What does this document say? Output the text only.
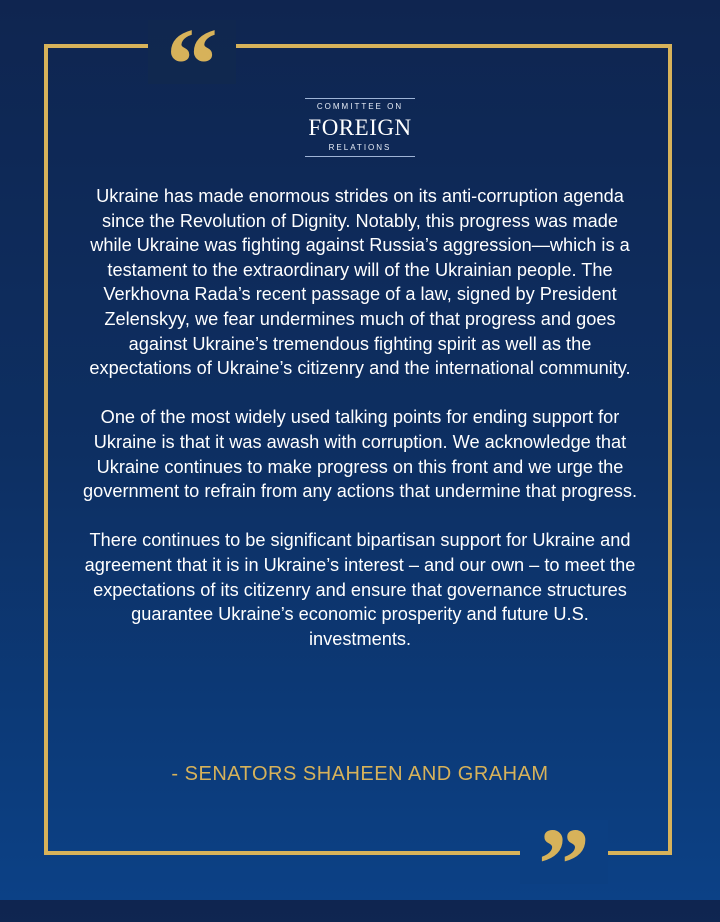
“
”
COMMITTEE ON
FOREIGN
RELATIONS

Ukraine has made enormous strides on its anti-corruption agenda since the Revolution of Dignity. Notably, this progress was made while Ukraine was fighting against Russia’s aggression—which is a testament to the extraordinary will of the Ukrainian people. The Verkhovna Rada’s recent passage of a law, signed by President Zelenskyy, we fear undermines much of that progress and goes against Ukraine’s tremendous fighting spirit as well as the expectations of Ukraine’s citizenry and the international community.

One of the most widely used talking points for ending support for Ukraine is that it was awash with corruption. We acknowledge that Ukraine continues to make progress on this front and we urge the government to refrain from any actions that undermine that progress.

There continues to be significant bipartisan support for Ukraine and agreement that it is in Ukraine’s interest – and our own – to meet the expectations of its citizenry and ensure that governance structures guarantee Ukraine’s economic prosperity and future U.S. investments.

- SENATORS SHAHEEN AND GRAHAM
